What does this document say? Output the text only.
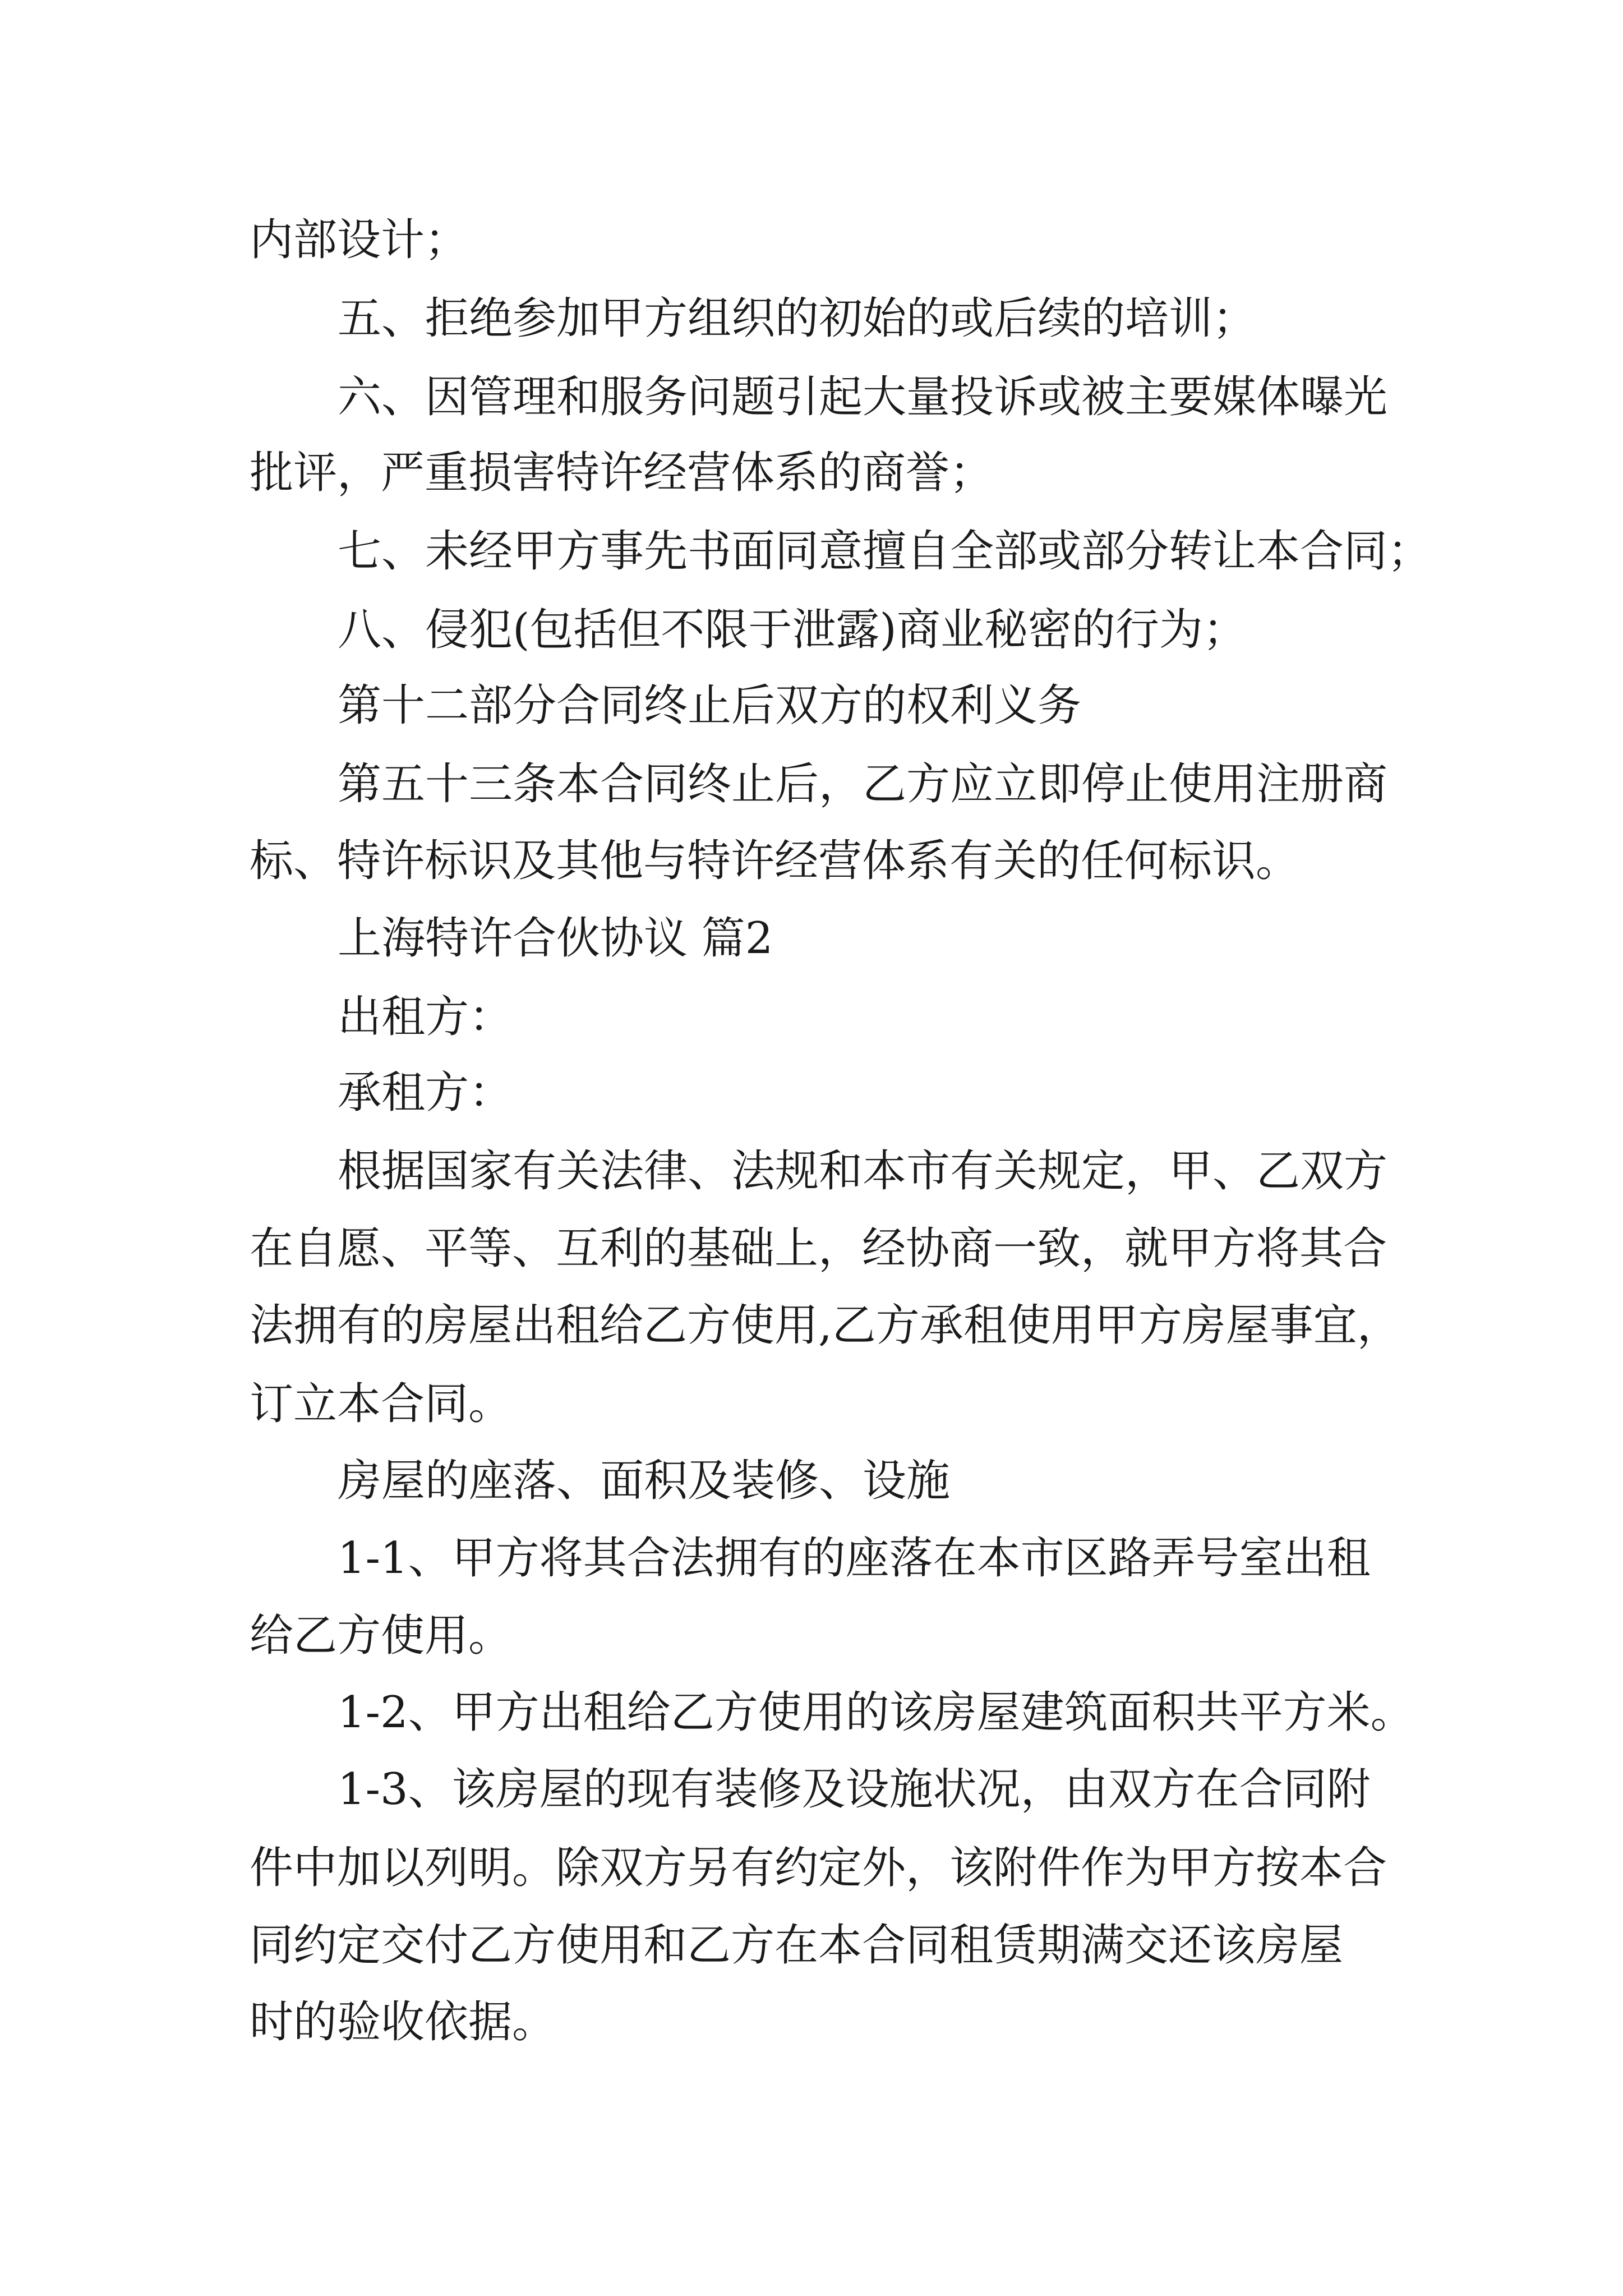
内部设计；
五、拒绝参加甲方组织的初始的或后续的培训；
六、因管理和服务问题引起大量投诉或被主要媒体曝光
批评，严重损害特许经营体系的商誉；
七、未经甲方事先书面同意擅自全部或部分转让本合同；
八、侵犯(包括但不限于泄露)商业秘密的行为；
第十二部分合同终止后双方的权利义务
第五十三条本合同终止后，乙方应立即停止使用注册商
标、特许标识及其他与特许经营体系有关的任何标识。
上海特许合伙协议 篇2
出租方：
承租方：
根据国家有关法律、法规和本市有关规定，甲、乙双方
在自愿、平等、互利的基础上，经协商一致，就甲方将其合
法拥有的房屋出租给乙方使用,乙方承租使用甲方房屋事宜，
订立本合同。
房屋的座落、面积及装修、设施
1-1、甲方将其合法拥有的座落在本市区路弄号室出租
给乙方使用。
1-2、甲方出租给乙方使用的该房屋建筑面积共平方米。
1-3、该房屋的现有装修及设施状况，由双方在合同附
件中加以列明。除双方另有约定外，该附件作为甲方按本合
同约定交付乙方使用和乙方在本合同租赁期满交还该房屋
时的验收依据。
